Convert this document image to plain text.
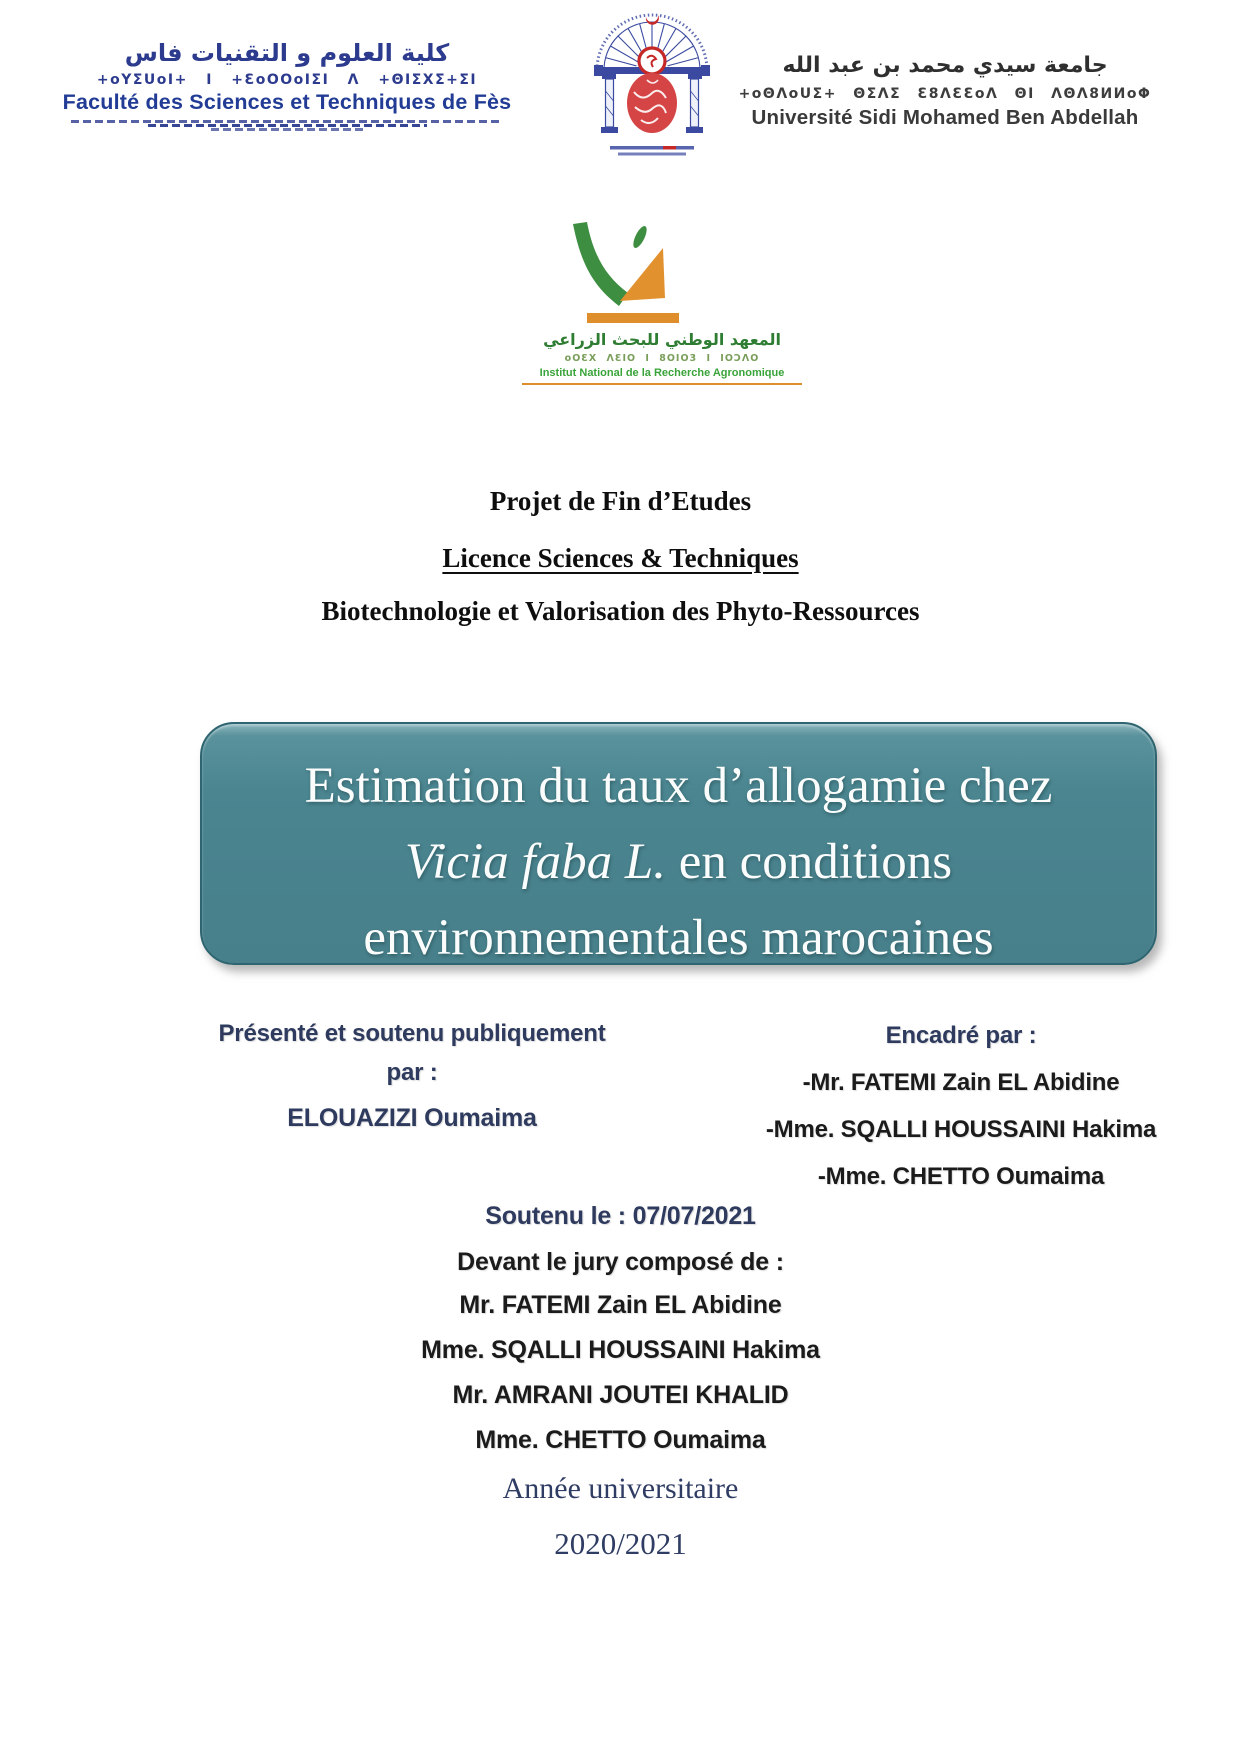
كلية العلوم و التقنيات فاس
+oYΣUoI+ I +ƐoOOoIΣI Λ +ΘIΣXΣ+ΣI
Faculté des Sciences et Techniques de Fès
جامعة سيدي محمد بن عبد الله
+oΘΛoUΣ+ ΘΣΛΣ Ɛ8ΛƐƐoΛ ΘI ΛΘΛ8ИИoΦ
Université Sidi Mohamed Ben Abdellah
المعهد الوطني للبحث الزراعي
oOƐX ΛƐIO I 8OIO3 I IOƆΛO
Institut National de la Recherche Agronomique
Projet de Fin d’Etudes
Licence Sciences & Techniques
Biotechnologie et Valorisation des Phyto-Ressources
Estimation du taux d’allogamie chez
Vicia faba L. en conditions
environnementales marocaines
Présenté et soutenu publiquement
par :
ELOUAZIZI Oumaima
Encadré par :
-Mr. FATEMI Zain EL Abidine
-Mme. SQALLI HOUSSAINI Hakima
-Mme. CHETTO Oumaima
Soutenu le : 07/07/2021
Devant le jury composé de :
Mr. FATEMI Zain EL Abidine
Mme. SQALLI HOUSSAINI Hakima
Mr. AMRANI JOUTEI KHALID
Mme. CHETTO Oumaima
Année universitaire
2020/2021
